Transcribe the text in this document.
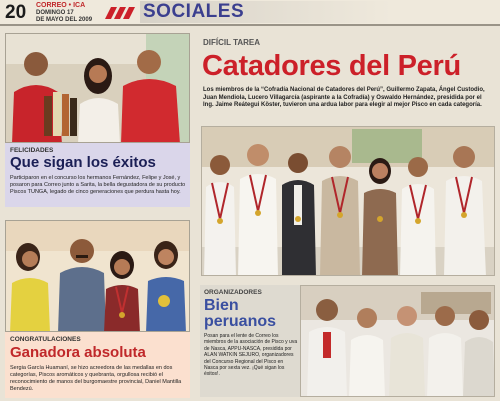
20 CORREO • ICA
DOMINGO 17
DE MAYO DEL 2009	SOCIALES
FELICIDADES
Que sigan los éxitos
Participaron en el concurso los hermanos Fernández, Felipe y José, y posaron para Correo junto a Sarita, la bella degustadora de su producto Piscos TUNGA, legado de cinco generaciones que perdura hasta hoy.
DIFÍCIL TAREA
Catadores del Perú
Los miembros de la “Cofradía Nacional de Catadores del Perú”, Guillermo Zapata, Ángel Custodio, Juan Mendiola, Lucero Villagarcía (aspirante a la Cofradía) y Oswaldo Hernández, presidida por el Ing. Jaime Reátegui Köster, tuvieron una ardua labor para elegir al mejor Pisco en cada categoría.
CONGRATULACIONES
Ganadora absoluta
Sergia García Huamaní, se hizo acreedora de las medallas en dos categorías, Piscos aromáticos y quebranta, orgullosa recibió el reconocimiento de manos del burgomaestre provincial, Daniel Mantilla Bendezú.
ORGANIZADORES
Bien
peruanos
Posan para el lente de Correo los miembros de la asociación de Pisco y uva de Nasca, APPU-NASCA, presidida por ALAN WATKIN SEJURO, organizadores del Concurso Regional del Pisco en Nasca por sexta vez. ¡Qué sigan los éxitos!.
